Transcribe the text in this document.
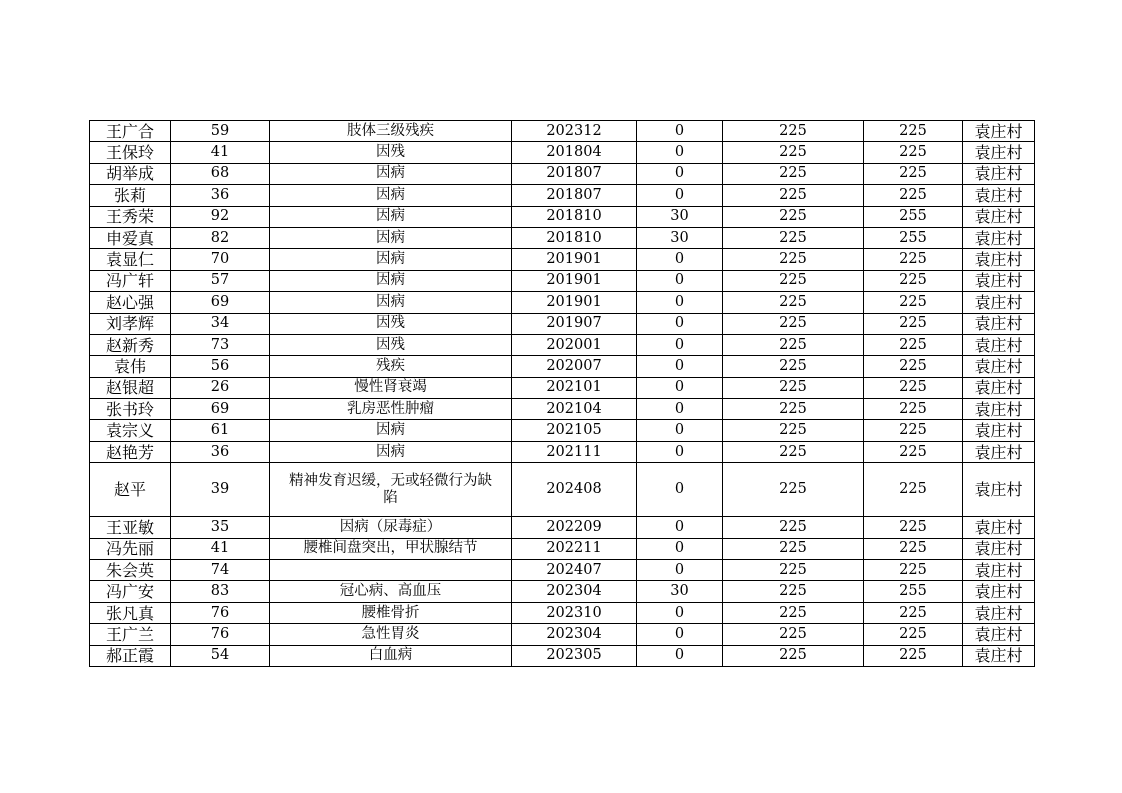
王广合	59	肢体三级残疾	202312	0	225	225	袁庄村
王保玲	41	因残	201804	0	225	225	袁庄村
胡举成	68	因病	201807	0	225	225	袁庄村
张莉	36	因病	201807	0	225	225	袁庄村
王秀荣	92	因病	201810	30	225	255	袁庄村
申爱真	82	因病	201810	30	225	255	袁庄村
袁显仁	70	因病	201901	0	225	225	袁庄村
冯广轩	57	因病	201901	0	225	225	袁庄村
赵心强	69	因病	201901	0	225	225	袁庄村
刘孝辉	34	因残	201907	0	225	225	袁庄村
赵新秀	73	因残	202001	0	225	225	袁庄村
袁伟	56	残疾	202007	0	225	225	袁庄村
赵银超	26	慢性肾衰竭	202101	0	225	225	袁庄村
张书玲	69	乳房恶性肿瘤	202104	0	225	225	袁庄村
袁宗义	61	因病	202105	0	225	225	袁庄村
赵艳芳	36	因病	202111	0	225	225	袁庄村
赵平	39	精神发育迟缓，无或轻微行为缺陷	202408	0	225	225	袁庄村
王亚敏	35	因病（尿毒症）	202209	0	225	225	袁庄村
冯先丽	41	腰椎间盘突出，甲状腺结节	202211	0	225	225	袁庄村
朱会英	74		202407	0	225	225	袁庄村
冯广安	83	冠心病、高血压	202304	30	225	255	袁庄村
张凡真	76	腰椎骨折	202310	0	225	225	袁庄村
王广兰	76	急性胃炎	202304	0	225	225	袁庄村
郝正霞	54	白血病	202305	0	225	225	袁庄村
